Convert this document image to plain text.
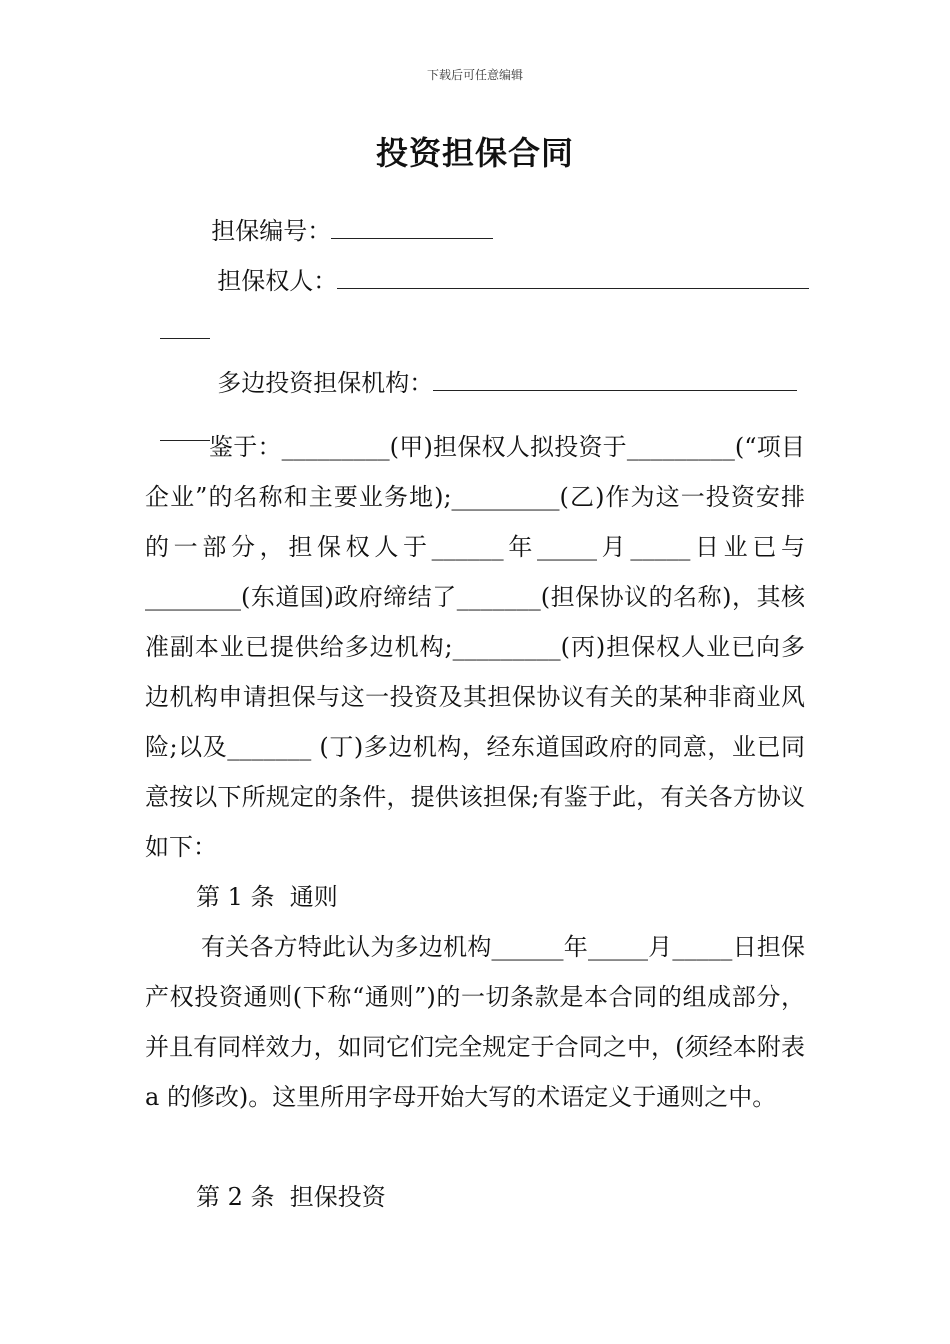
下载后可任意编辑
投资担保合同

担保编号：

担保权人：

多边投资担保机构：

鉴于：_________(甲)担保权人拟投资于_________(“项目企业”的名称和主要业务地);_________(乙)作为这一投资安排的一部分，担保权人于______年_____月_____日业已与________(东道国)政府缔结了_______(担保协议的名称)，其核准副本业已提供给多边机构;_________(丙)担保权人业已向多边机构申请担保与这一投资及其担保协议有关的某种非商业风险;以及_______ (丁)多边机构，经东道国政府的同意，业已同意按以下所规定的条件，提供该担保;有鉴于此，有关各方协议如下：
第 1 条  通则
有关各方特此认为多边机构______年_____月_____日担保产权投资通则(下称“通则”)的一切条款是本合同的组成部分，并且有同样效力，如同它们完全规定于合同之中，(须经本附表 a 的修改)。这里所用字母开始大写的术语定义于通则之中。
第 2 条  担保投资
